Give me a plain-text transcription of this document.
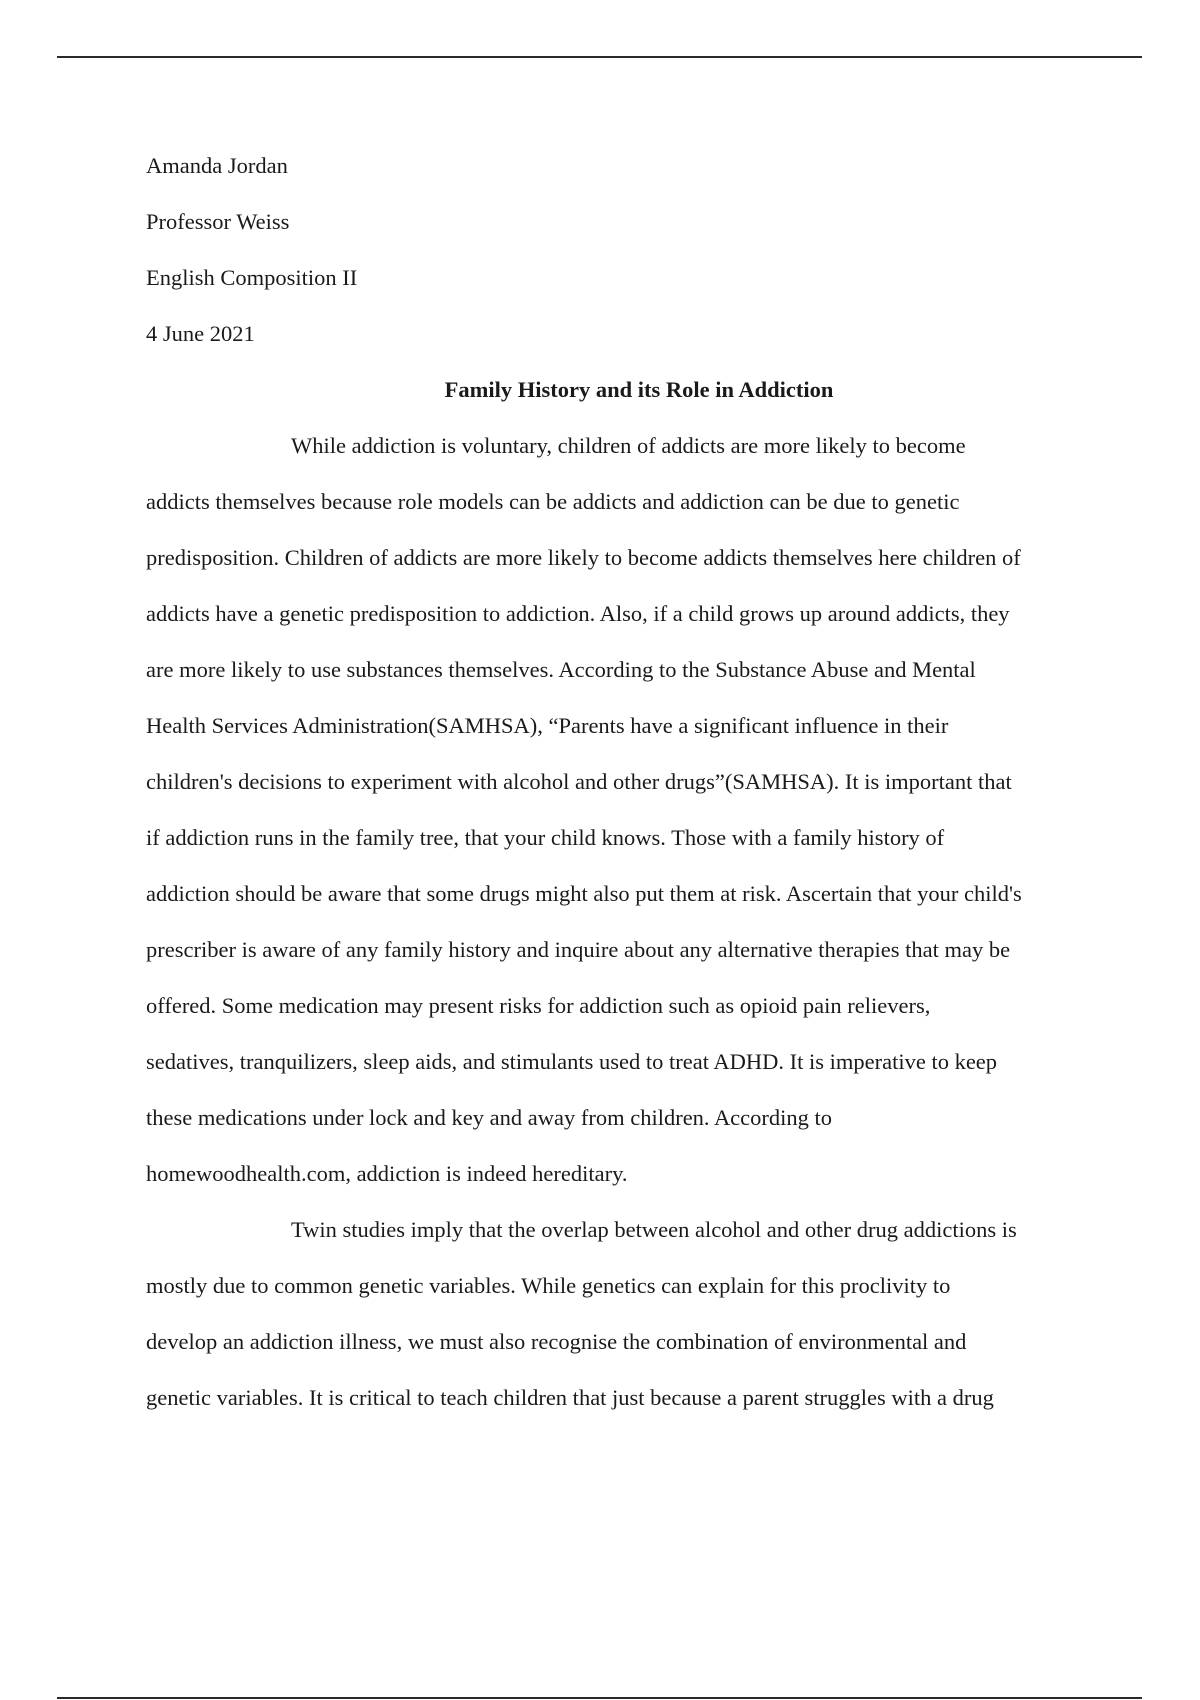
Amanda Jordan

Professor Weiss

English Composition II

4 June 2021

Family History and its Role in Addiction

While addiction is voluntary, children of addicts are more likely to become

addicts themselves because role models can be addicts and addiction can be due to genetic

predisposition. Children of addicts are more likely to become addicts themselves here children of

addicts have a genetic predisposition to addiction. Also, if a child grows up around addicts, they

are more likely to use substances themselves. According to the Substance Abuse and Mental

Health Services Administration(SAMHSA), “Parents have a significant influence in their

children's decisions to experiment with alcohol and other drugs”(SAMHSA). It is important that

if addiction runs in the family tree, that your child knows. Those with a family history of

addiction should be aware that some drugs might also put them at risk. Ascertain that your child's

prescriber is aware of any family history and inquire about any alternative therapies that may be

offered. Some medication may present risks for addiction such as opioid pain relievers,

sedatives, tranquilizers, sleep aids, and stimulants used to treat ADHD. It is imperative to keep

these medications under lock and key and away from children. According to

homewoodhealth.com, addiction is indeed hereditary.

Twin studies imply that the overlap between alcohol and other drug addictions is

mostly due to common genetic variables. While genetics can explain for this proclivity to

develop an addiction illness, we must also recognise the combination of environmental and

genetic variables. It is critical to teach children that just because a parent struggles with a drug
